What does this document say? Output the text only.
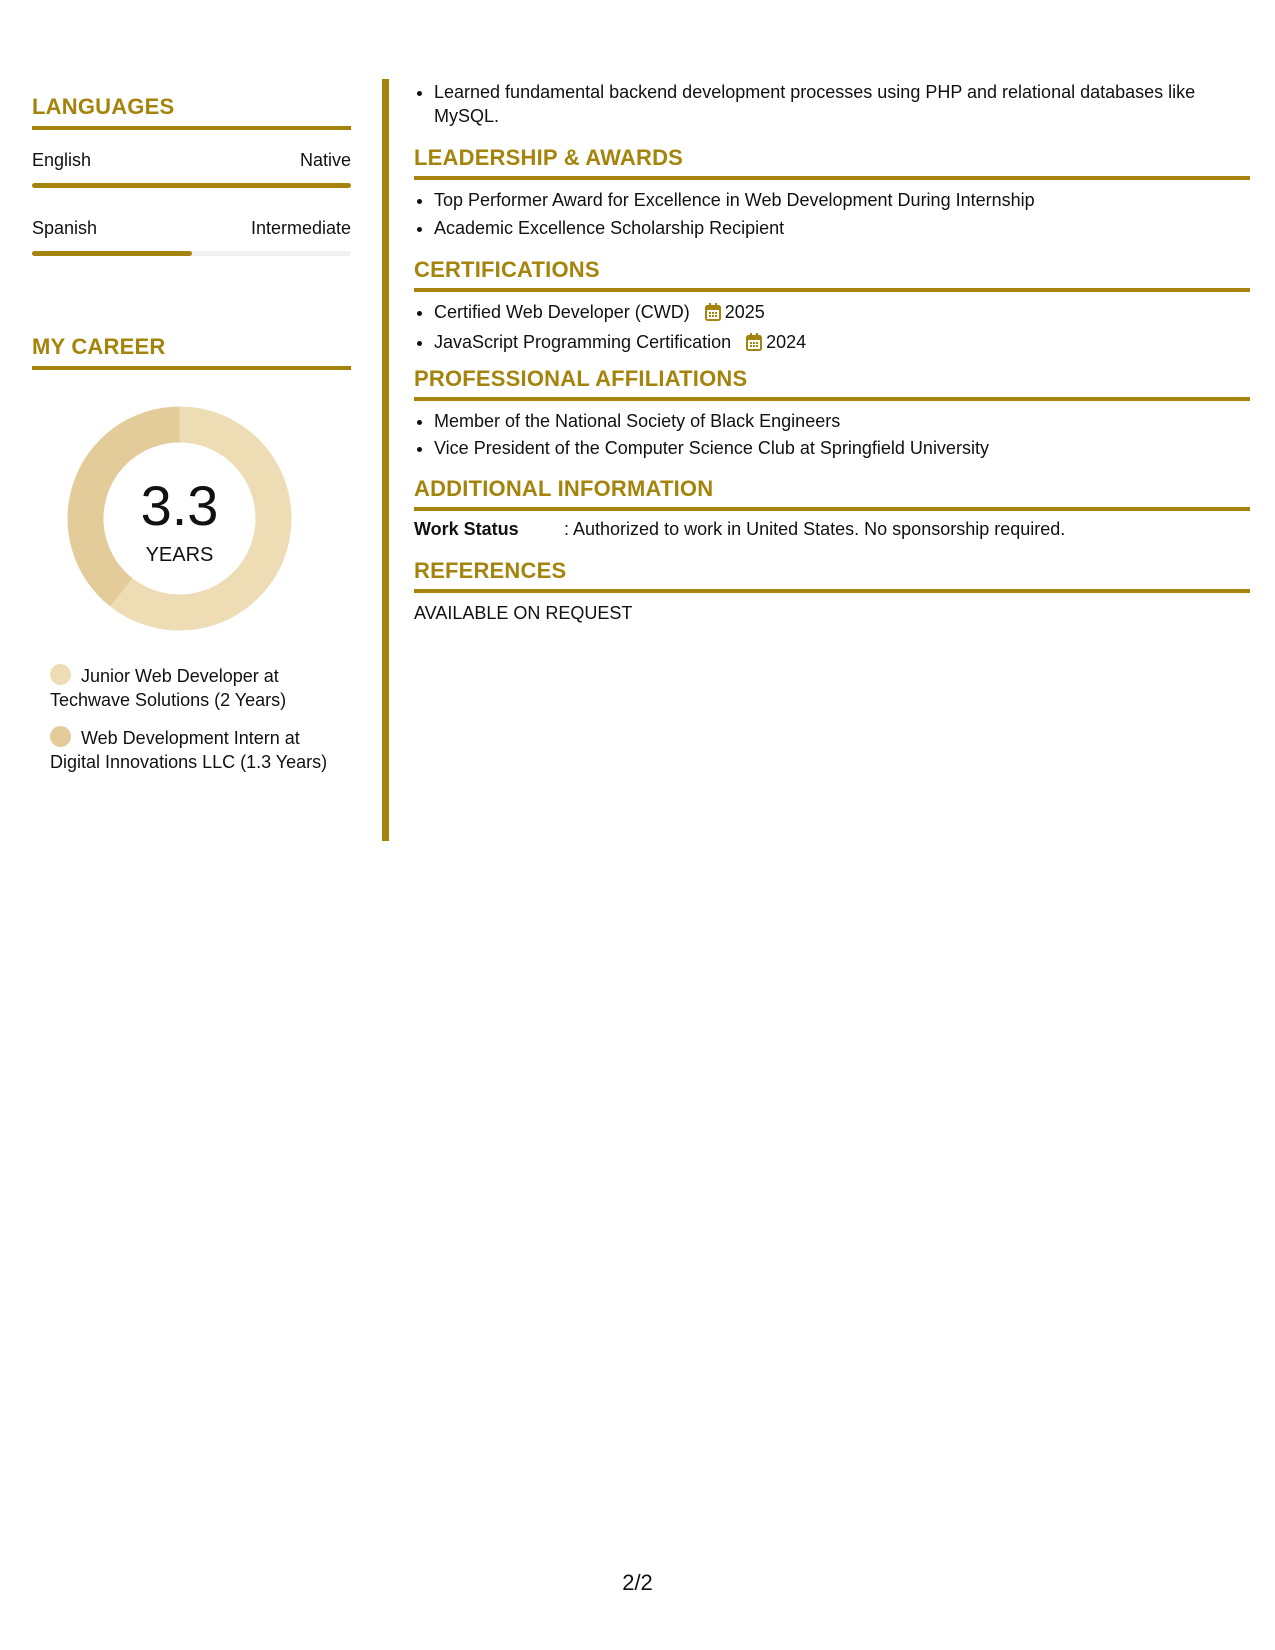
LANGUAGES
English	Native
Spanish	Intermediate
MY CAREER
3.3
YEARS
Junior Web Developer at Techwave Solutions (2 Years)
Web Development Intern at Digital Innovations LLC (1.3 Years)
• Learned fundamental backend development processes using PHP and relational databases like MySQL.
LEADERSHIP & AWARDS
• Top Performer Award for Excellence in Web Development During Internship
• Academic Excellence Scholarship Recipient
CERTIFICATIONS
• Certified Web Developer (CWD) 2025
• JavaScript Programming Certification 2024
PROFESSIONAL AFFILIATIONS
• Member of the National Society of Black Engineers
• Vice President of the Computer Science Club at Springfield University
ADDITIONAL INFORMATION
Work Status	: Authorized to work in United States. No sponsorship required.
REFERENCES
AVAILABLE ON REQUEST
2/2
